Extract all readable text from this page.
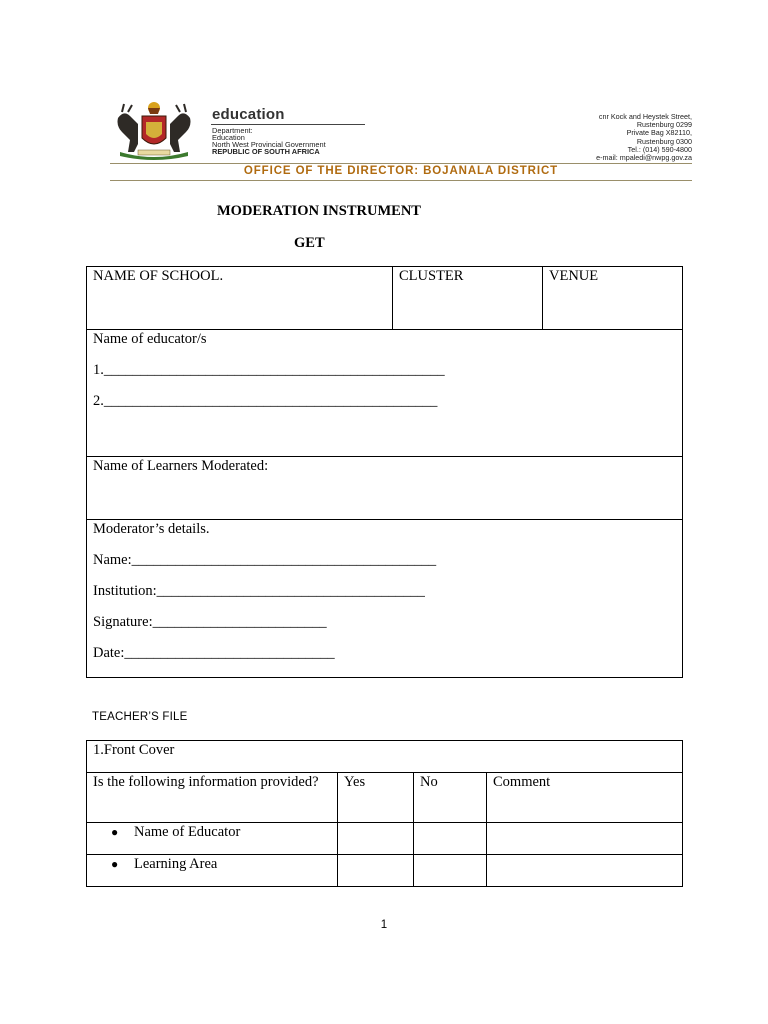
education
Department:
Education
North West Provincial Government
REPUBLIC OF SOUTH AFRICA
cnr Kock and Heystek Street,
Rustenburg 0299
Private Bag X82110,
Rustenburg 0300
Tel.: (014) 590-4800
e-mail: mpaledi@nwpg.gov.za
OFFICE OF THE DIRECTOR: BOJANALA DISTRICT
MODERATION INSTRUMENT
GET
NAME OF SCHOOL.	CLUSTER	VENUE

Name of educator/s

1._______________________________________________

2.______________________________________________

Name of Learners Moderated:

Moderator’s details.

Name:__________________________________________

Institution:_____________________________________

Signature:________________________

Date:_____________________________

TEACHER’S FILE
1.Front Cover			
Is the following information provided?	Yes	No	Comment
● Name of Educator			
● Learning Area			
1
